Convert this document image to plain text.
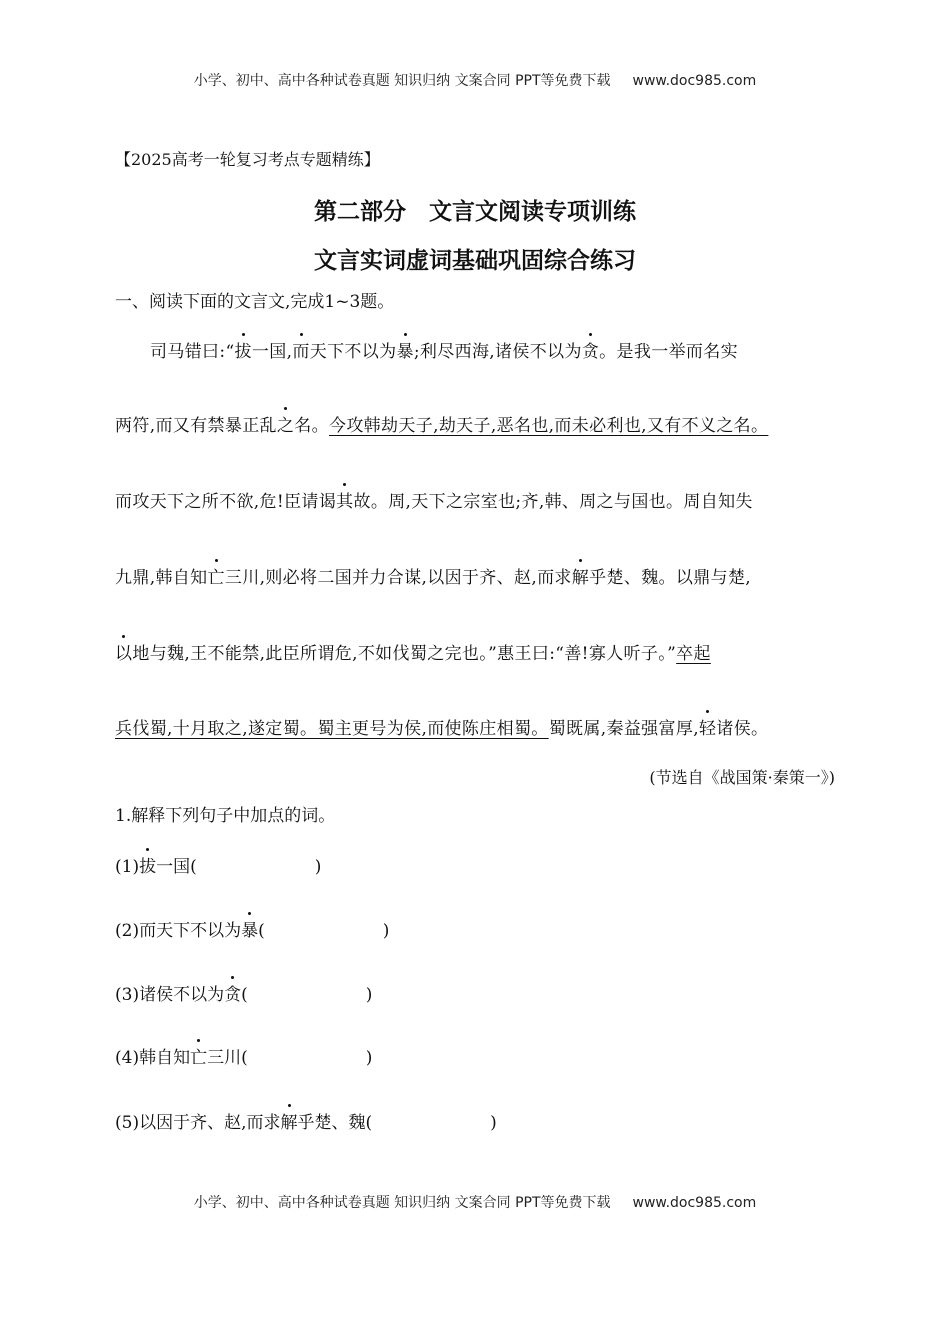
小学、初中、高中各种试卷真题 知识归纳 文案合同 PPT等免费下载 www.doc985.com
【2025高考一轮复习考点专题精练】
第二部分　文言文阅读专项训练
文言实词虚词基础巩固综合练习
一、阅读下面的文言文,完成1~3题。
司马错曰:“拔一国,而天下不以为暴;利尽西海,诸侯不以为贪。是我一举而名实
两符,而又有禁暴正乱之名。今攻韩劫天子,劫天子,恶名也,而未必利也,又有不义之名。
而攻天下之所不欲,危!臣请谒其故。周,天下之宗室也;齐,韩、周之与国也。周自知失
九鼎,韩自知亡三川,则必将二国并力合谋,以因于齐、赵,而求解乎楚、魏。以鼎与楚,
以地与魏,王不能禁,此臣所谓危,不如伐蜀之完也。”惠王曰:“善!寡人听子。”卒起
兵伐蜀,十月取之,遂定蜀。蜀主更号为侯,而使陈庄相蜀。蜀既属,秦益强富厚,轻诸侯。
(节选自《战国策·秦策一》)
1.解释下列句子中加点的词。
(1)拔一国(	)
(2)而天下不以为暴(	)
(3)诸侯不以为贪(	)
(4)韩自知亡三川(	)
(5)以因于齐、赵,而求解乎楚、魏(	)
小学、初中、高中各种试卷真题 知识归纳 文案合同 PPT等免费下载 www.doc985.com
